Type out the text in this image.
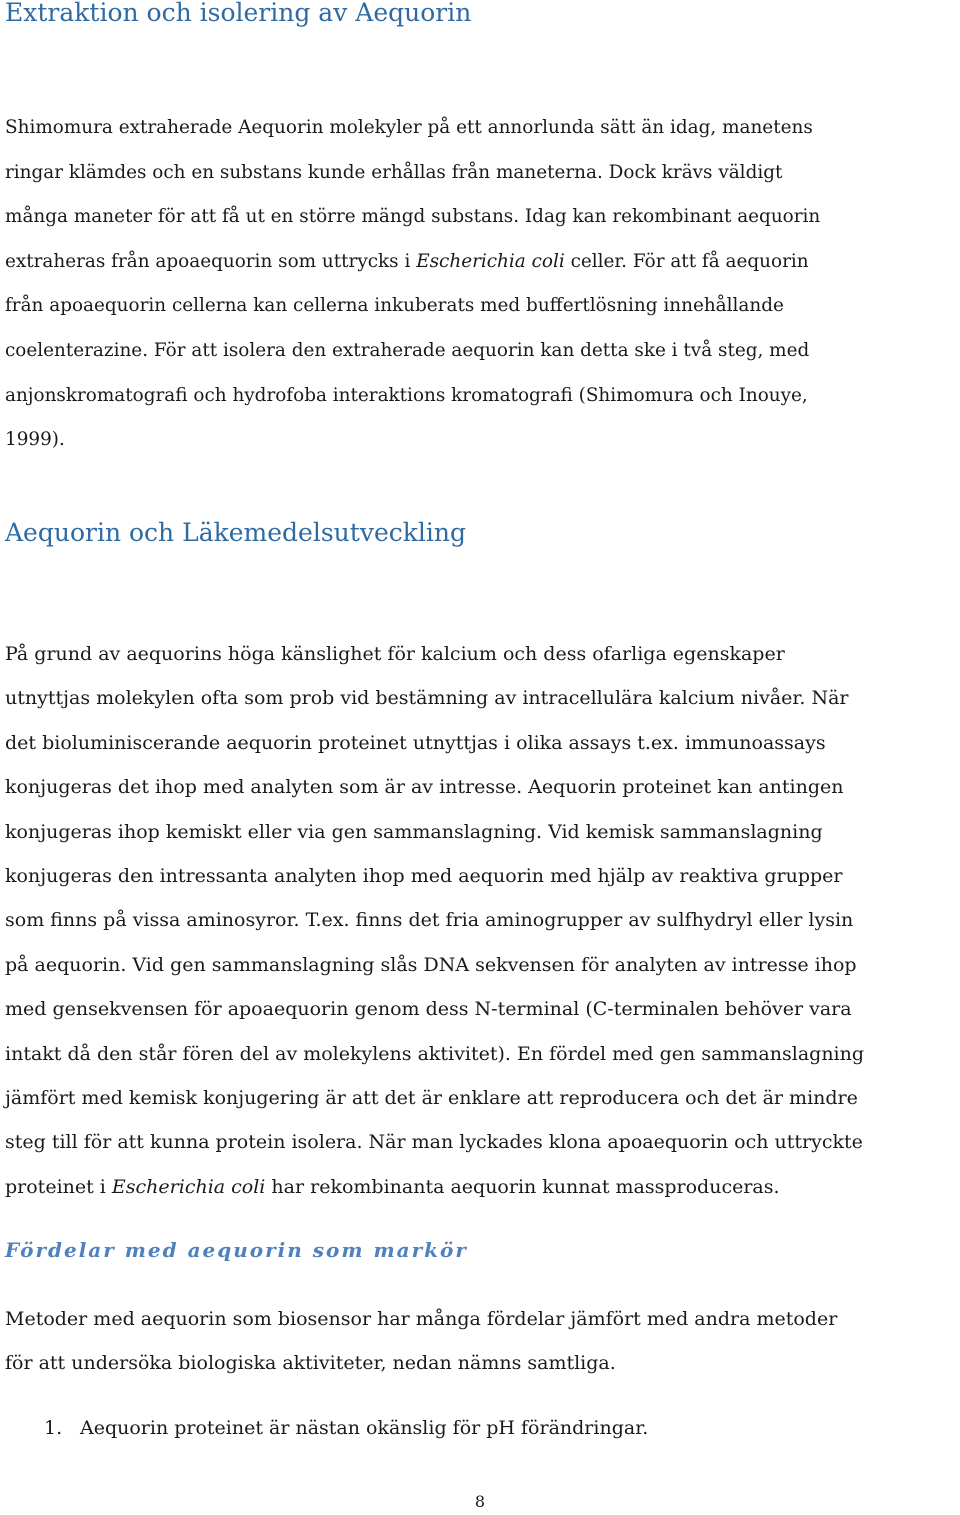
Extraktion och isolering av Aequorin
Shimomura extraherade Aequorin molekyler på ett annorlunda sätt än idag, manetens
ringar klämdes och en substans kunde erhållas från maneterna. Dock krävs väldigt
många maneter för att få ut en större mängd substans. Idag kan rekombinant aequorin
extraheras från apoaequorin som uttrycks i Escherichia coli celler. För att få aequorin
från apoaequorin cellerna kan cellerna inkuberats med buffertlösning innehållande
coelenterazine. För att isolera den extraherade aequorin kan detta ske i två steg, med
anjonskromatografi och hydrofoba interaktions kromatografi (Shimomura och Inouye,
1999).
Aequorin och Läkemedelsutveckling
På grund av aequorins höga känslighet för kalcium och dess ofarliga egenskaper
utnyttjas molekylen ofta som prob vid bestämning av intracellulära kalcium nivåer. När
det bioluminiscerande aequorin proteinet utnyttjas i olika assays t.ex. immunoassays
konjugeras det ihop med analyten som är av intresse. Aequorin proteinet kan antingen
konjugeras ihop kemiskt eller via gen sammanslagning. Vid kemisk sammanslagning
konjugeras den intressanta analyten ihop med aequorin med hjälp av reaktiva grupper
som finns på vissa aminosyror. T.ex. finns det fria aminogrupper av sulfhydryl eller lysin
på aequorin. Vid gen sammanslagning slås DNA sekvensen för analyten av intresse ihop
med gensekvensen för apoaequorin genom dess N-terminal (C-terminalen behöver vara
intakt då den står fören del av molekylens aktivitet). En fördel med gen sammanslagning
jämfört med kemisk konjugering är att det är enklare att reproducera och det är mindre
steg till för att kunna protein isolera. När man lyckades klona apoaequorin och uttryckte
proteinet i Escherichia coli har rekombinanta aequorin kunnat massproduceras.
Fördelar med aequorin som markör
Metoder med aequorin som biosensor har många fördelar jämfört med andra metoder
för att undersöka biologiska aktiviteter, nedan nämns samtliga.
1. Aequorin proteinet är nästan okänslig för pH förändringar.
8
